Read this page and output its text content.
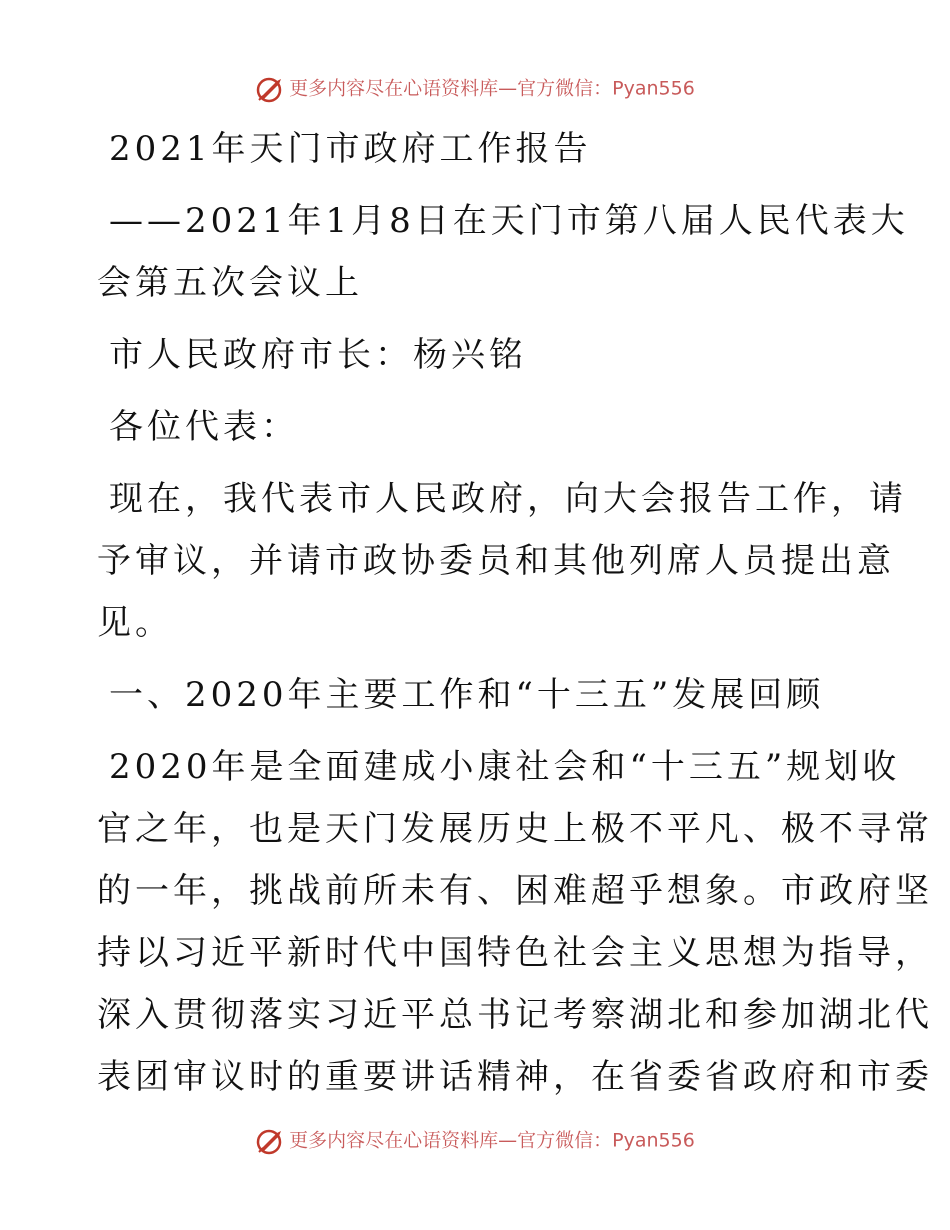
更多内容尽在心语资料库—官方微信：Pyan556

2021年天门市政府工作报告

——2021年1月8日在天门市第八届人民代表大

会第五次会议上

市人民政府市长：杨兴铭

各位代表：

现在，我代表市人民政府，向大会报告工作，请

予审议，并请市政协委员和其他列席人员提出意

见。

一、2020年主要工作和“十三五”发展回顾

2020年是全面建成小康社会和“十三五”规划收

官之年，也是天门发展历史上极不平凡、极不寻常

的一年，挑战前所未有、困难超乎想象。市政府坚

持以习近平新时代中国特色社会主义思想为指导，

深入贯彻落实习近平总书记考察湖北和参加湖北代

表团审议时的重要讲话精神，在省委省政府和市委

更多内容尽在心语资料库—官方微信：Pyan556
